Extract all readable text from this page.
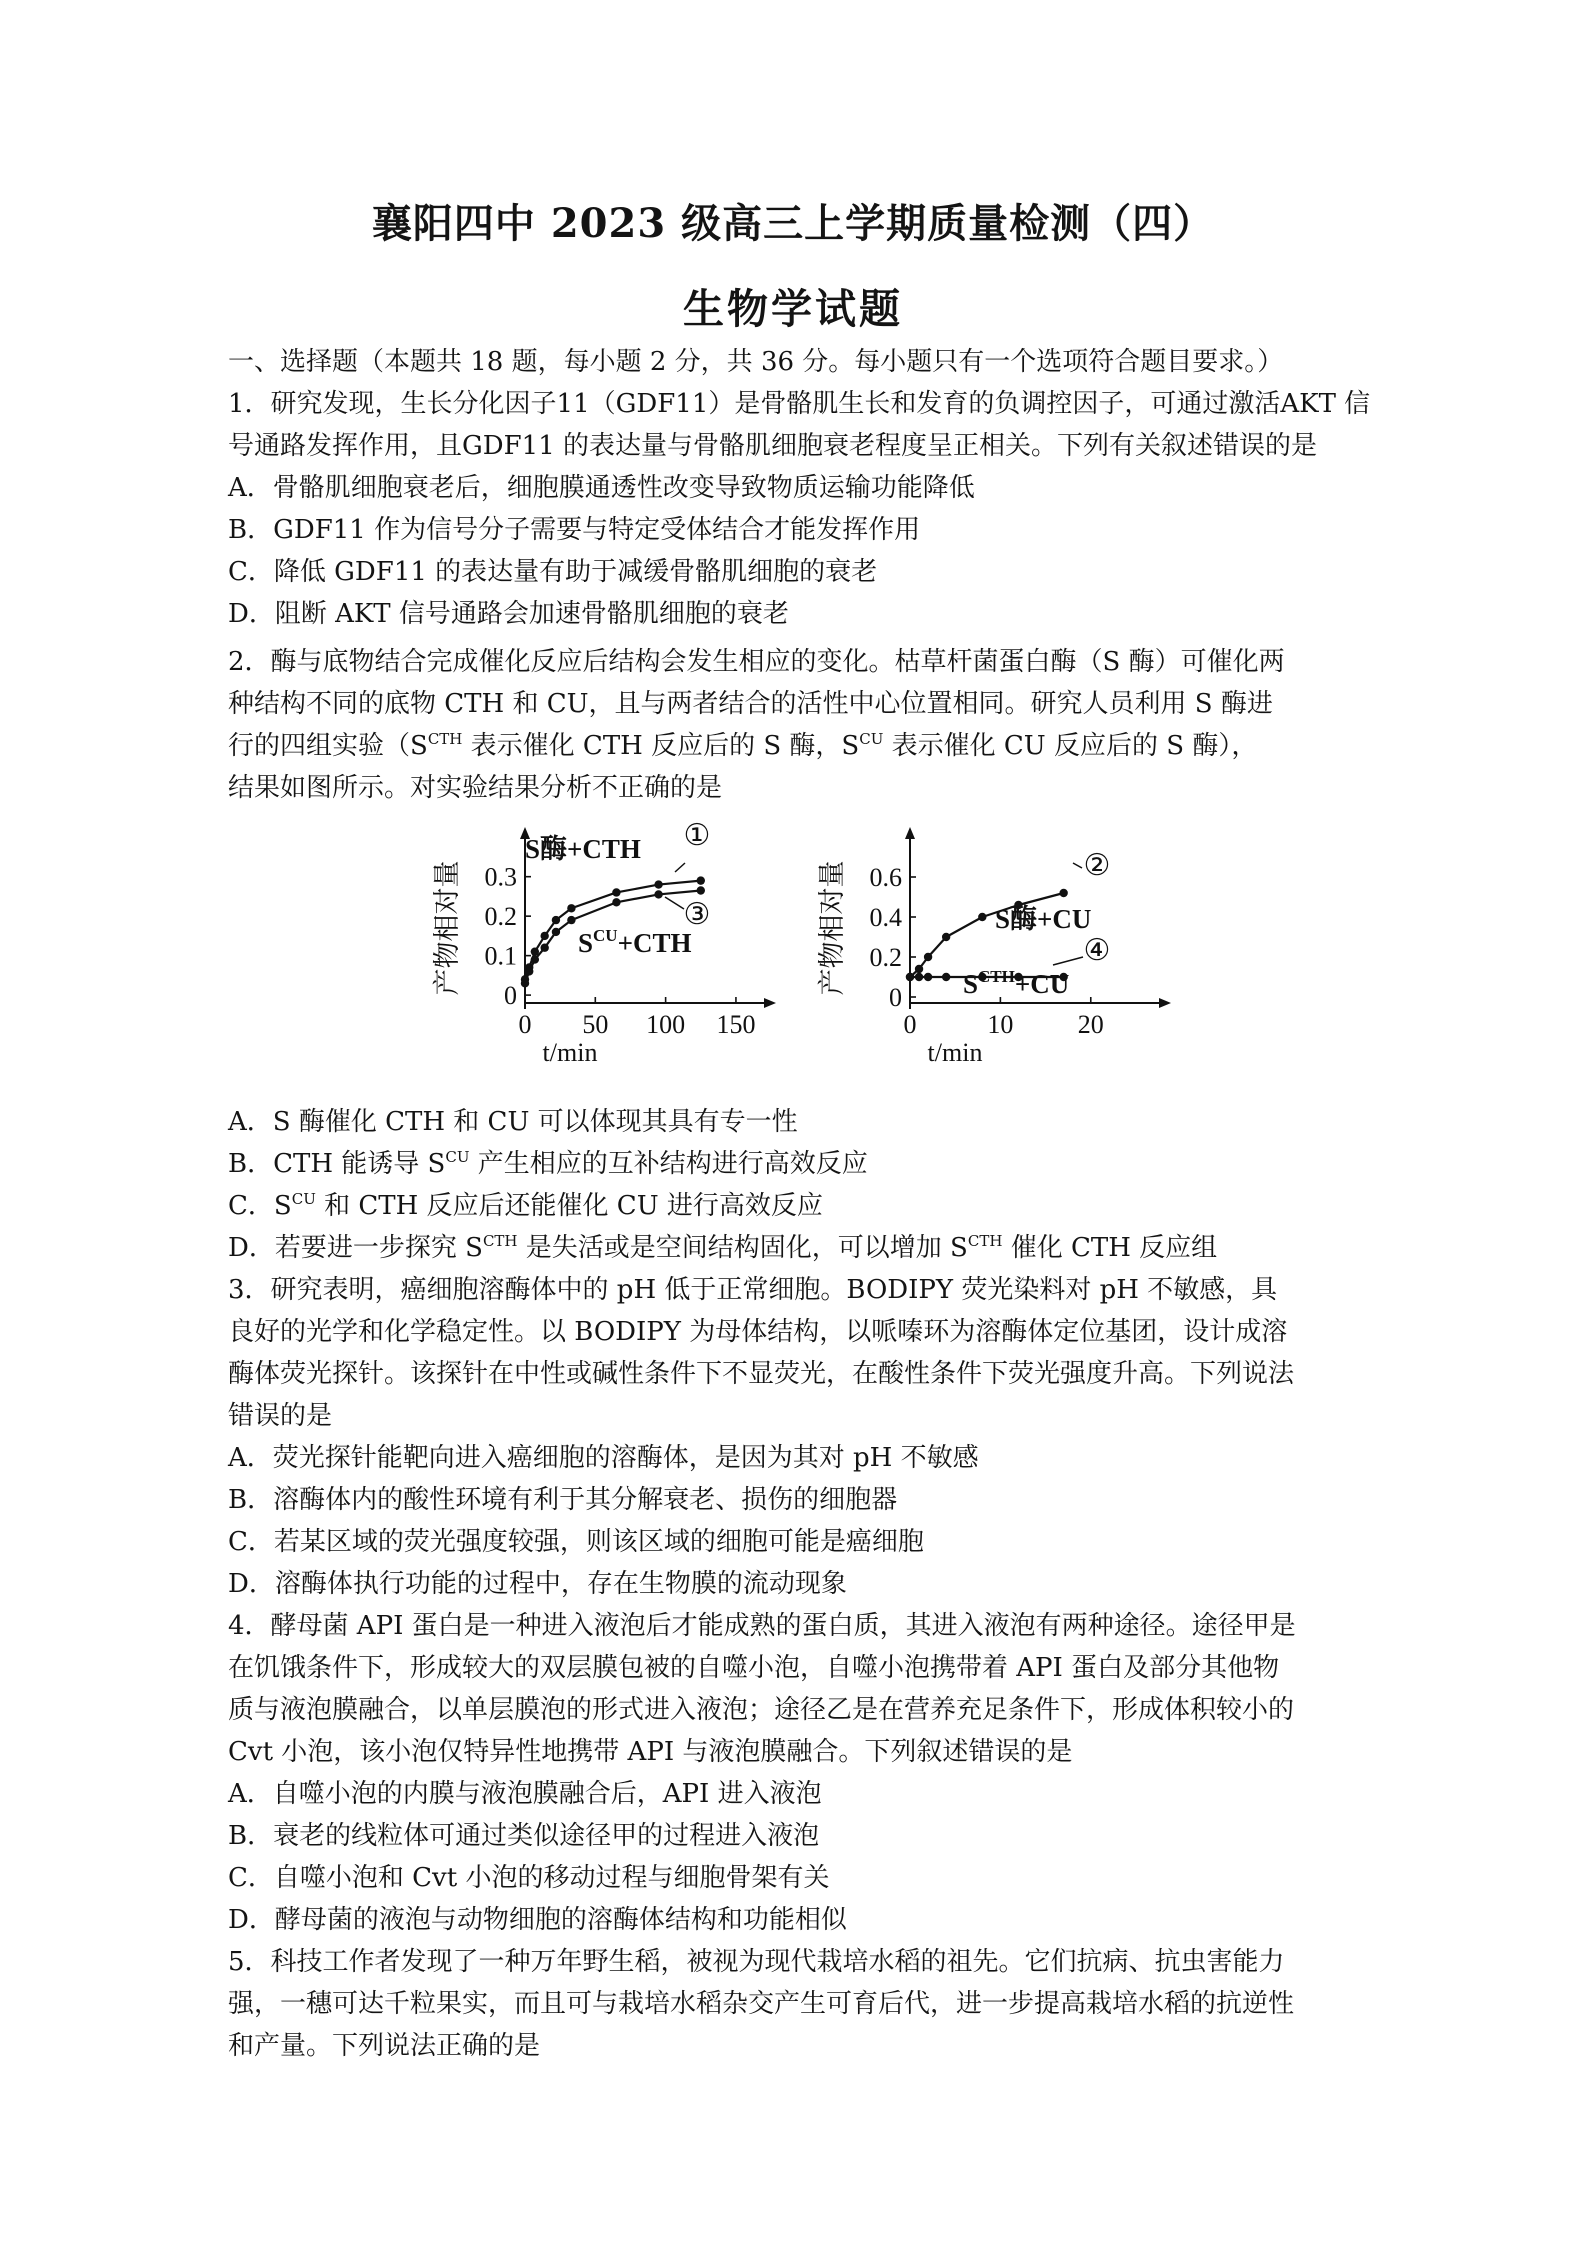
襄阳四中 2023 级高三上学期质量检测（四）
生物学试题
一、选择题（本题共 18 题，每小题 2 分，共 36 分。每小题只有一个选项符合题目要求。）
1．研究发现，生长分化因子11（GDF11）是骨骼肌生长和发育的负调控因子，可通过激活AKT 信
号通路发挥作用，且GDF11 的表达量与骨骼肌细胞衰老程度呈正相关。下列有关叙述错误的是
A．骨骼肌细胞衰老后，细胞膜通透性改变导致物质运输功能降低
B．GDF11 作为信号分子需要与特定受体结合才能发挥作用
C．降低 GDF11 的表达量有助于减缓骨骼肌细胞的衰老
D．阻断 AKT 信号通路会加速骨骼肌细胞的衰老
2．酶与底物结合完成催化反应后结构会发生相应的变化。枯草杆菌蛋白酶（S 酶）可催化两
种结构不同的底物 CTH 和 CU，且与两者结合的活性中心位置相同。研究人员利用 S 酶进
行的四组实验（$S^{CTH}$ 表示催化 CTH 反应后的 S 酶，$S^{CU}$ 表示催化 CU 反应后的 S 酶），
结果如图所示。对实验结果分析不正确的是
0 50 100 150
0
0.1
0.2
0.3
t/min
产物相对量
①
③
S酶+CTH
$S^{CU}+CTH$
0	10 20
0
0.2
0.4
0.6
t/min
产物相对量	②
④
S酶+CU
$S^{CTH}+CU$
A．S 酶催化 CTH 和 CU 可以体现其具有专一性
B．CTH 能诱导 $S^{CU}$ 产生相应的互补结构进行高效反应
C．$S^{CU}$ 和 CTH 反应后还能催化 CU 进行高效反应
D．若要进一步探究 $S^{CTH}$ 是失活或是空间结构固化，可以增加 $S^{CTH}$ 催化 CTH 反应组
3．研究表明，癌细胞溶酶体中的 pH 低于正常细胞。BODIPY 荧光染料对 pH 不敏感，具
良好的光学和化学稳定性。以 BODIPY 为母体结构，以哌嗪环为溶酶体定位基团，设计成溶
酶体荧光探针。该探针在中性或碱性条件下不显荧光，在酸性条件下荧光强度升高。下列说法
错误的是
A．荧光探针能靶向进入癌细胞的溶酶体，是因为其对 pH 不敏感
B．溶酶体内的酸性环境有利于其分解衰老、损伤的细胞器
C．若某区域的荧光强度较强，则该区域的细胞可能是癌细胞
D．溶酶体执行功能的过程中，存在生物膜的流动现象
4．酵母菌 API 蛋白是一种进入液泡后才能成熟的蛋白质，其进入液泡有两种途径。途径甲是
在饥饿条件下，形成较大的双层膜包被的自噬小泡，自噬小泡携带着 API 蛋白及部分其他物
质与液泡膜融合，以单层膜泡的形式进入液泡；途径乙是在营养充足条件下，形成体积较小的
Cvt 小泡，该小泡仅特异性地携带 API 与液泡膜融合。下列叙述错误的是
A．自噬小泡的内膜与液泡膜融合后，API 进入液泡
B．衰老的线粒体可通过类似途径甲的过程进入液泡
C．自噬小泡和 Cvt 小泡的移动过程与细胞骨架有关
D．酵母菌的液泡与动物细胞的溶酶体结构和功能相似
5．科技工作者发现了一种万年野生稻，被视为现代栽培水稻的祖先。它们抗病、抗虫害能力
强，一穗可达千粒果实，而且可与栽培水稻杂交产生可育后代，进一步提高栽培水稻的抗逆性
和产量。下列说法正确的是
